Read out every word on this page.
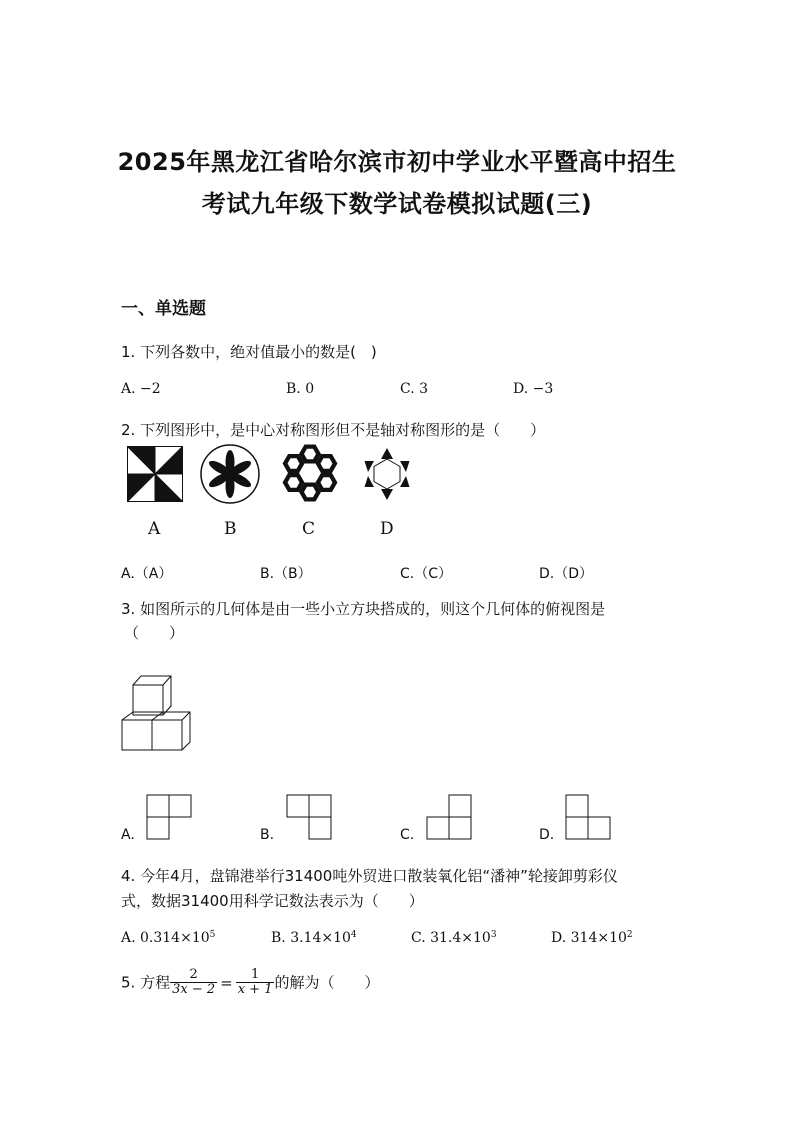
2025年黑龙江省哈尔滨市初中学业水平暨高中招生
考试九年级下数学试卷模拟试题(三)
一、单选题
1. 下列各数中，绝对值最小的数是(　)
A. −2	B. 0	C. 3	D. −3
2. 下列图形中，是中心对称图形但不是轴对称图形的是（　　）
A	B	C	D
A.（A）	B.（B）	C.（C）	D.（D）
3. 如图所示的几何体是由一些小立方块搭成的，则这个几何体的俯视图是
（　　）
A.	B.	C.	D.
4. 今年4月，盘锦港举行31400吨外贸进口散装氧化铝“潘神”轮接卸剪彩仪
式，数据31400用科学记数法表示为（　　）
A. $0.314\times 10^5$	B. $3.14\times 10^4$	C. $31.4\times 10^3$	D. $314\times 10^2$
5. 方程 $\frac{2}{3x - 2} = \frac{1}{x + 1}$ 的解为（　　）
